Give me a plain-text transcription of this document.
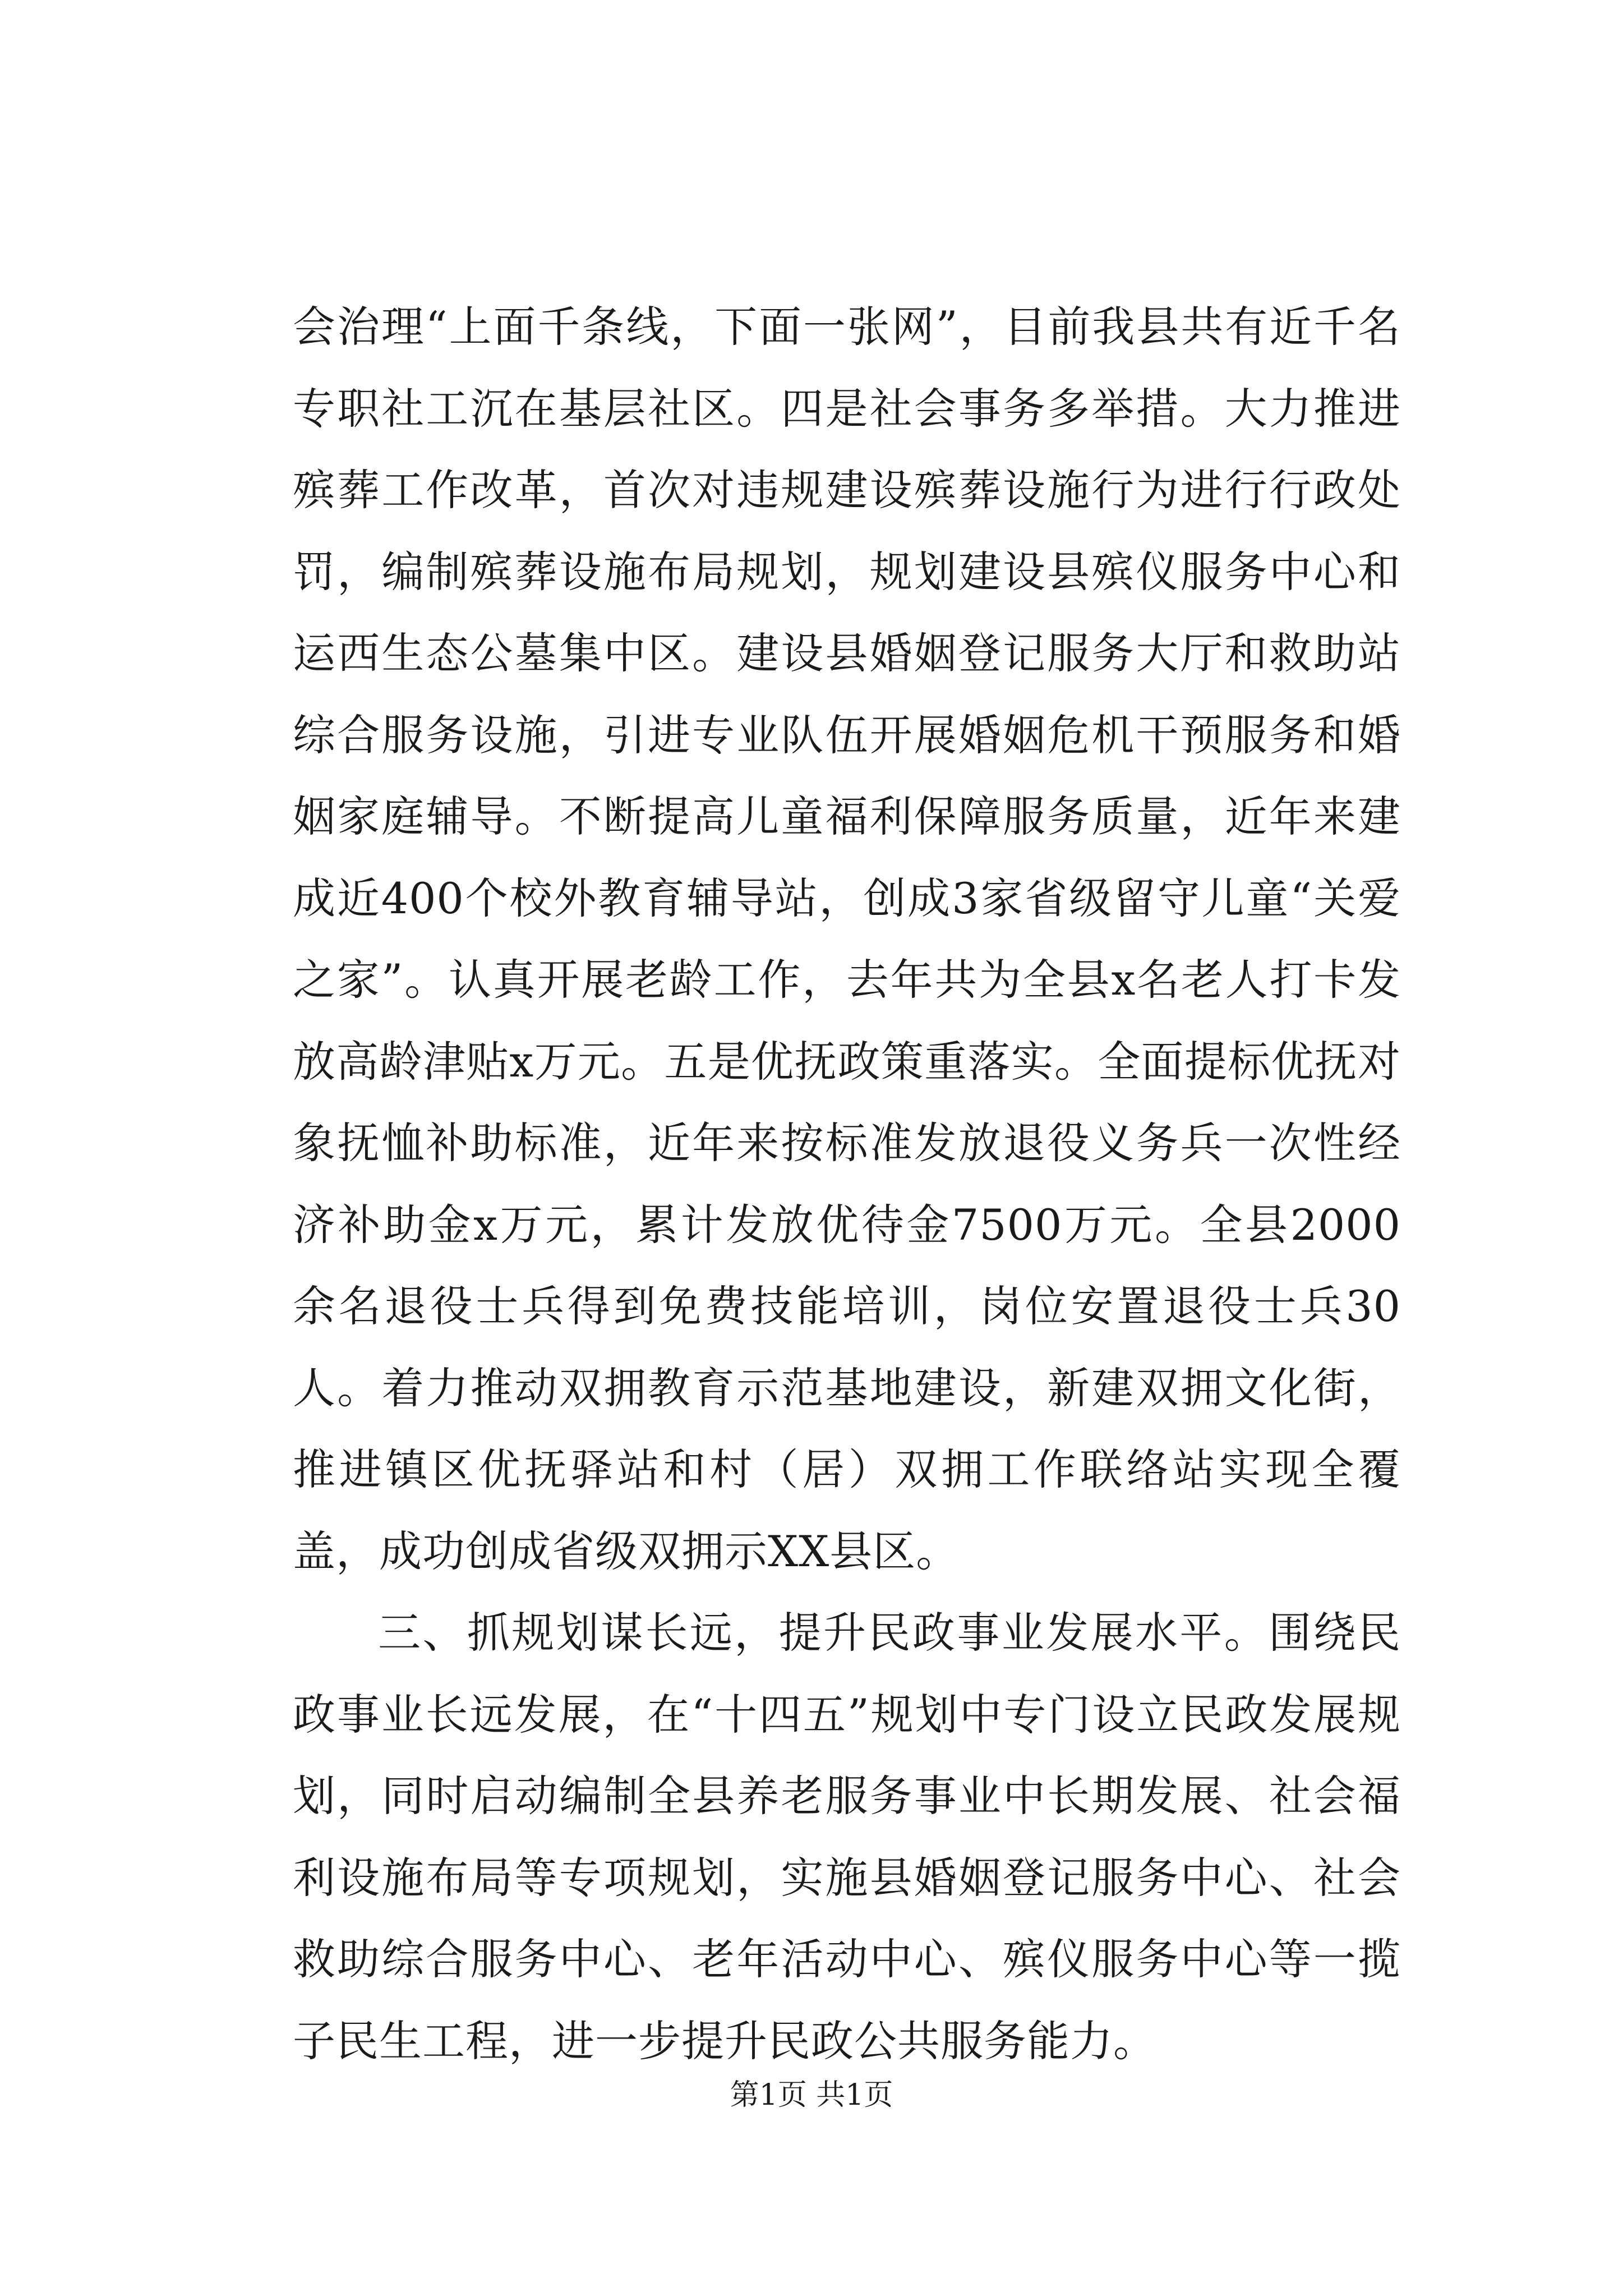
会治理“上面千条线，下面一张网”，目前我县共有近千名专职社工沉在基层社区。四是社会事务多举措。大力推进殡葬工作改革，首次对违规建设殡葬设施行为进行行政处罚，编制殡葬设施布局规划，规划建设县殡仪服务中心和运西生态公墓集中区。建设县婚姻登记服务大厅和救助站综合服务设施，引进专业队伍开展婚姻危机干预服务和婚姻家庭辅导。不断提高儿童福利保障服务质量，近年来建成近400个校外教育辅导站，创成3家省级留守儿童“关爱之家”。认真开展老龄工作，去年共为全县x名老人打卡发放高龄津贴x万元。五是优抚政策重落实。全面提标优抚对象抚恤补助标准，近年来按标准发放退役义务兵一次性经济补助金x万元，累计发放优待金7500万元。全县2000余名退役士兵得到免费技能培训，岗位安置退役士兵30人。着力推动双拥教育示范基地建设，新建双拥文化街，推进镇区优抚驿站和村（居）双拥工作联络站实现全覆盖，成功创成省级双拥示XX县区。

三、抓规划谋长远，提升民政事业发展水平。围绕民政事业长远发展，在“十四五”规划中专门设立民政发展规划，同时启动编制全县养老服务事业中长期发展、社会福利设施布局等专项规划，实施县婚姻登记服务中心、社会救助综合服务中心、老年活动中心、殡仪服务中心等一揽子民生工程，进一步提升民政公共服务能力。

第1页 共1页
